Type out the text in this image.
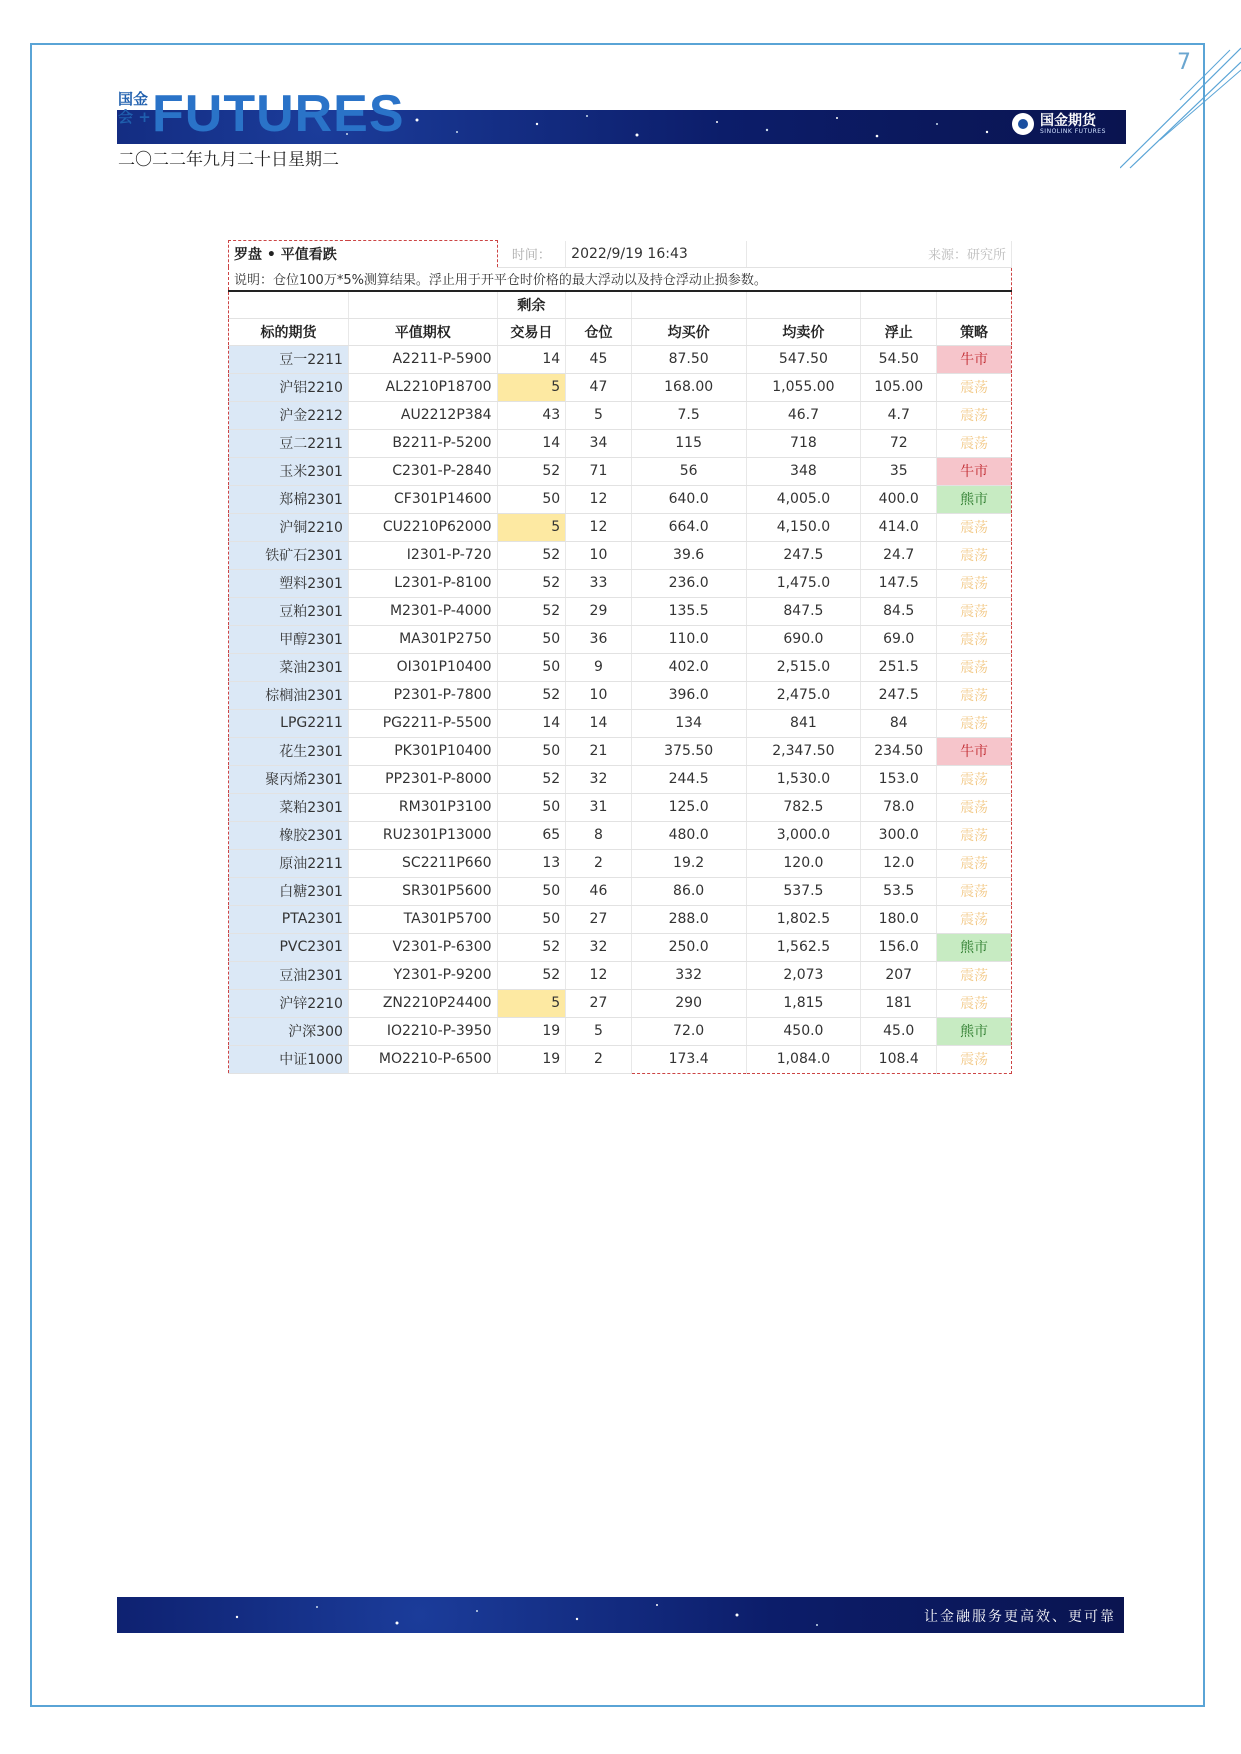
7
国金
会 + FUTURES	国金期货
SINOLINK FUTURES
二〇二二年九月二十日星期二
罗盘 • 平值看跌		时间：	2022/9/19 16:43		来源：研究所		
说明：仓位100万*5%测算结果。浮止用于开平仓时价格的最大浮动以及持仓浮动止损参数。							
		剩余					
标的期货	平值期权	交易日	仓位	均买价	均卖价	浮止	策略
豆一2211	A2211-P-5900	14	45	87.50	547.50	54.50	牛市
沪铝2210	AL2210P18700	5	47	168.00	1,055.00	105.00	震荡
沪金2212	AU2212P384	43	5	7.5	46.7	4.7	震荡
豆二2211	B2211-P-5200	14	34	115	718	72	震荡
玉米2301	C2301-P-2840	52	71	56	348	35	牛市
郑棉2301	CF301P14600	50	12	640.0	4,005.0	400.0	熊市
沪铜2210	CU2210P62000	5	12	664.0	4,150.0	414.0	震荡
铁矿石2301	I2301-P-720	52	10	39.6	247.5	24.7	震荡
塑料2301	L2301-P-8100	52	33	236.0	1,475.0	147.5	震荡
豆粕2301	M2301-P-4000	52	29	135.5	847.5	84.5	震荡
甲醇2301	MA301P2750	50	36	110.0	690.0	69.0	震荡
菜油2301	OI301P10400	50	9	402.0	2,515.0	251.5	震荡
棕榈油2301	P2301-P-7800	52	10	396.0	2,475.0	247.5	震荡
LPG2211	PG2211-P-5500	14	14	134	841	84	震荡
花生2301	PK301P10400	50	21	375.50	2,347.50	234.50	牛市
聚丙烯2301	PP2301-P-8000	52	32	244.5	1,530.0	153.0	震荡
菜粕2301	RM301P3100	50	31	125.0	782.5	78.0	震荡
橡胶2301	RU2301P13000	65	8	480.0	3,000.0	300.0	震荡
原油2211	SC2211P660	13	2	19.2	120.0	12.0	震荡
白糖2301	SR301P5600	50	46	86.0	537.5	53.5	震荡
PTA2301	TA301P5700	50	27	288.0	1,802.5	180.0	震荡
PVC2301	V2301-P-6300	52	32	250.0	1,562.5	156.0	熊市
豆油2301	Y2301-P-9200	52	12	332	2,073	207	震荡
沪锌2210	ZN2210P24400	5	27	290	1,815	181	震荡
沪深300	IO2210-P-3950	19	5	72.0	450.0	45.0	熊市
中证1000	MO2210-P-6500	19	2	173.4	1,084.0	108.4	震荡
让金融服务更高效、更可靠
